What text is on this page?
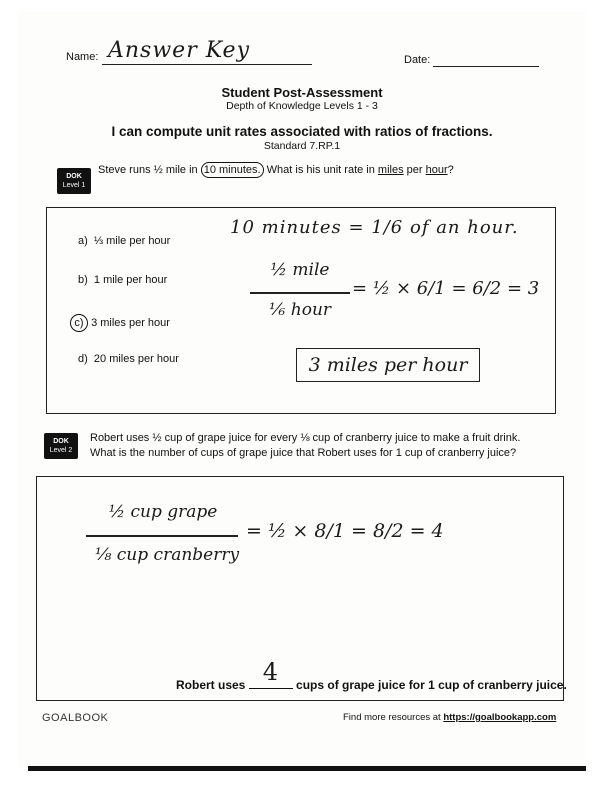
Name: Answer Key	Date:
Student Post-Assessment
Depth of Knowledge Levels 1 - 3
I can compute unit rates associated with ratios of fractions.
Standard 7.RP.1
DOK
Level 1
Steve runs ½ mile in 10 minutes. What is his unit rate in miles per hour?
a) ⅓ mile per hour
b) 1 mile per hour
c) 3 miles per hour
d) 20 miles per hour
10 minutes = 1/6 of an hour.
½ mile
⅙ hour
= ½ × 6/1 = 6/2 = 3
3 miles per hour
DOK
Level 2
Robert uses ½ cup of grape juice for every ⅛ cup of cranberry juice to make a fruit drink.
What is the number of cups of grape juice that Robert uses for 1 cup of cranberry juice?
½ cup grape
⅛ cup cranberry
= ½ × 8/1 = 8/2 = 4
Robert uses 4 cups of grape juice for 1 cup of cranberry juice.
GOALBOOK	Find more resources at https://goalbookapp.com
